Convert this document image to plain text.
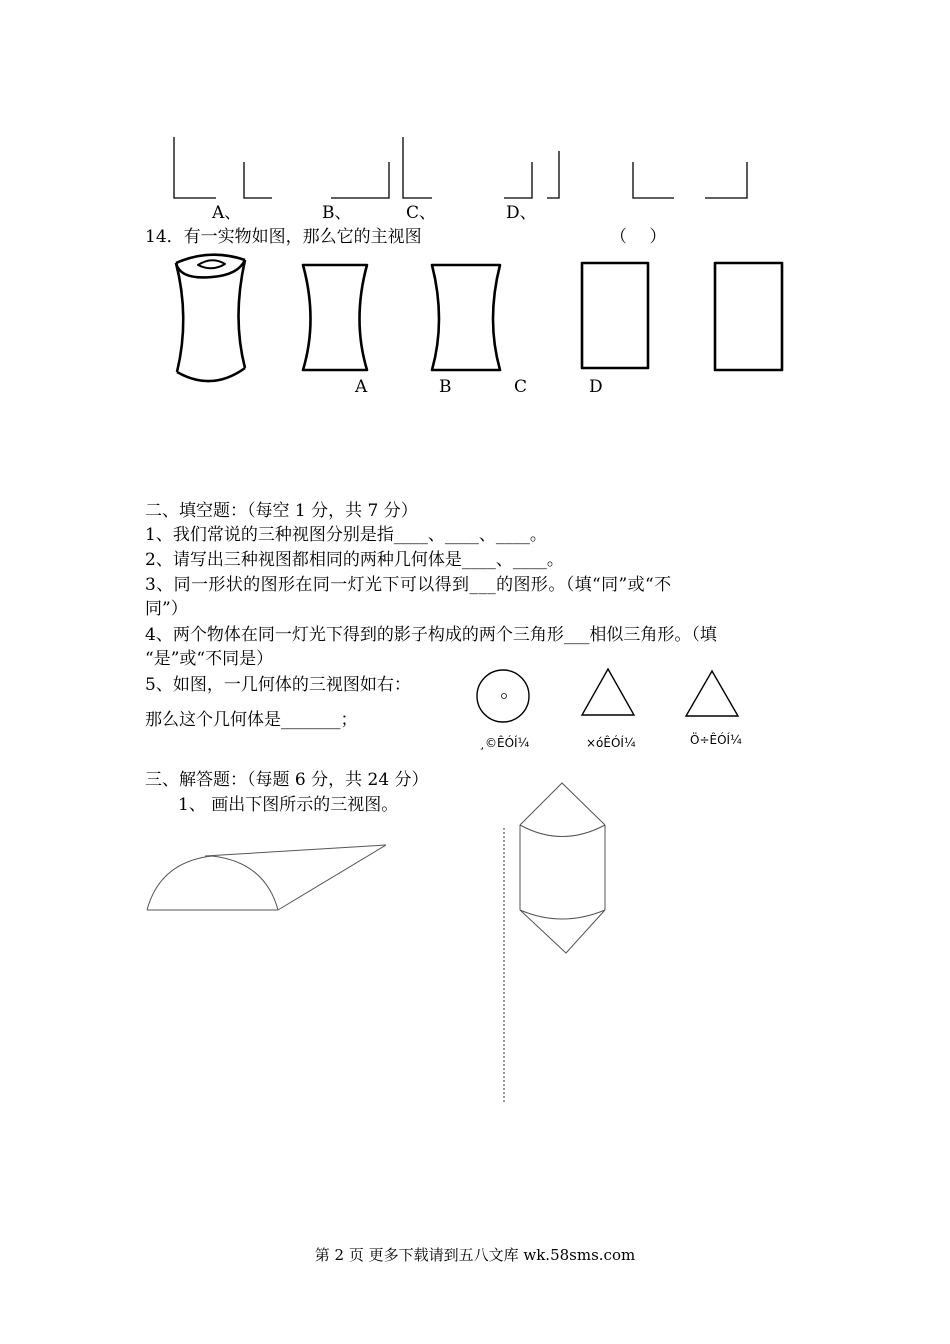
A、	B、	C、	D、
14．有一实物如图，那么它的主视图	（　 ）
A	B	C	D
二、填空题：（每空 1 分，共 7 分）
1、我们常说的三种视图分别是指____、____、____。
2、请写出三种视图都相同的两种几何体是____、____。
3、同一形状的图形在同一灯光下可以得到___的图形。（填“同”或“不
同”）
4、两个物体在同一灯光下得到的影子构成的两个三角形___相似三角形。（填
“是”或“不同是）
5、如图，一几何体的三视图如右：
那么这个几何体是_______；
¸©ÊÓÍ¼	×óÊÓÍ¼	Ö÷ÊÓÍ¼
三、解答题：（每题 6 分，共 24 分）
1、 画出下图所示的三视图。
第 2 页 更多下载请到五八文库 wk.58sms.com
